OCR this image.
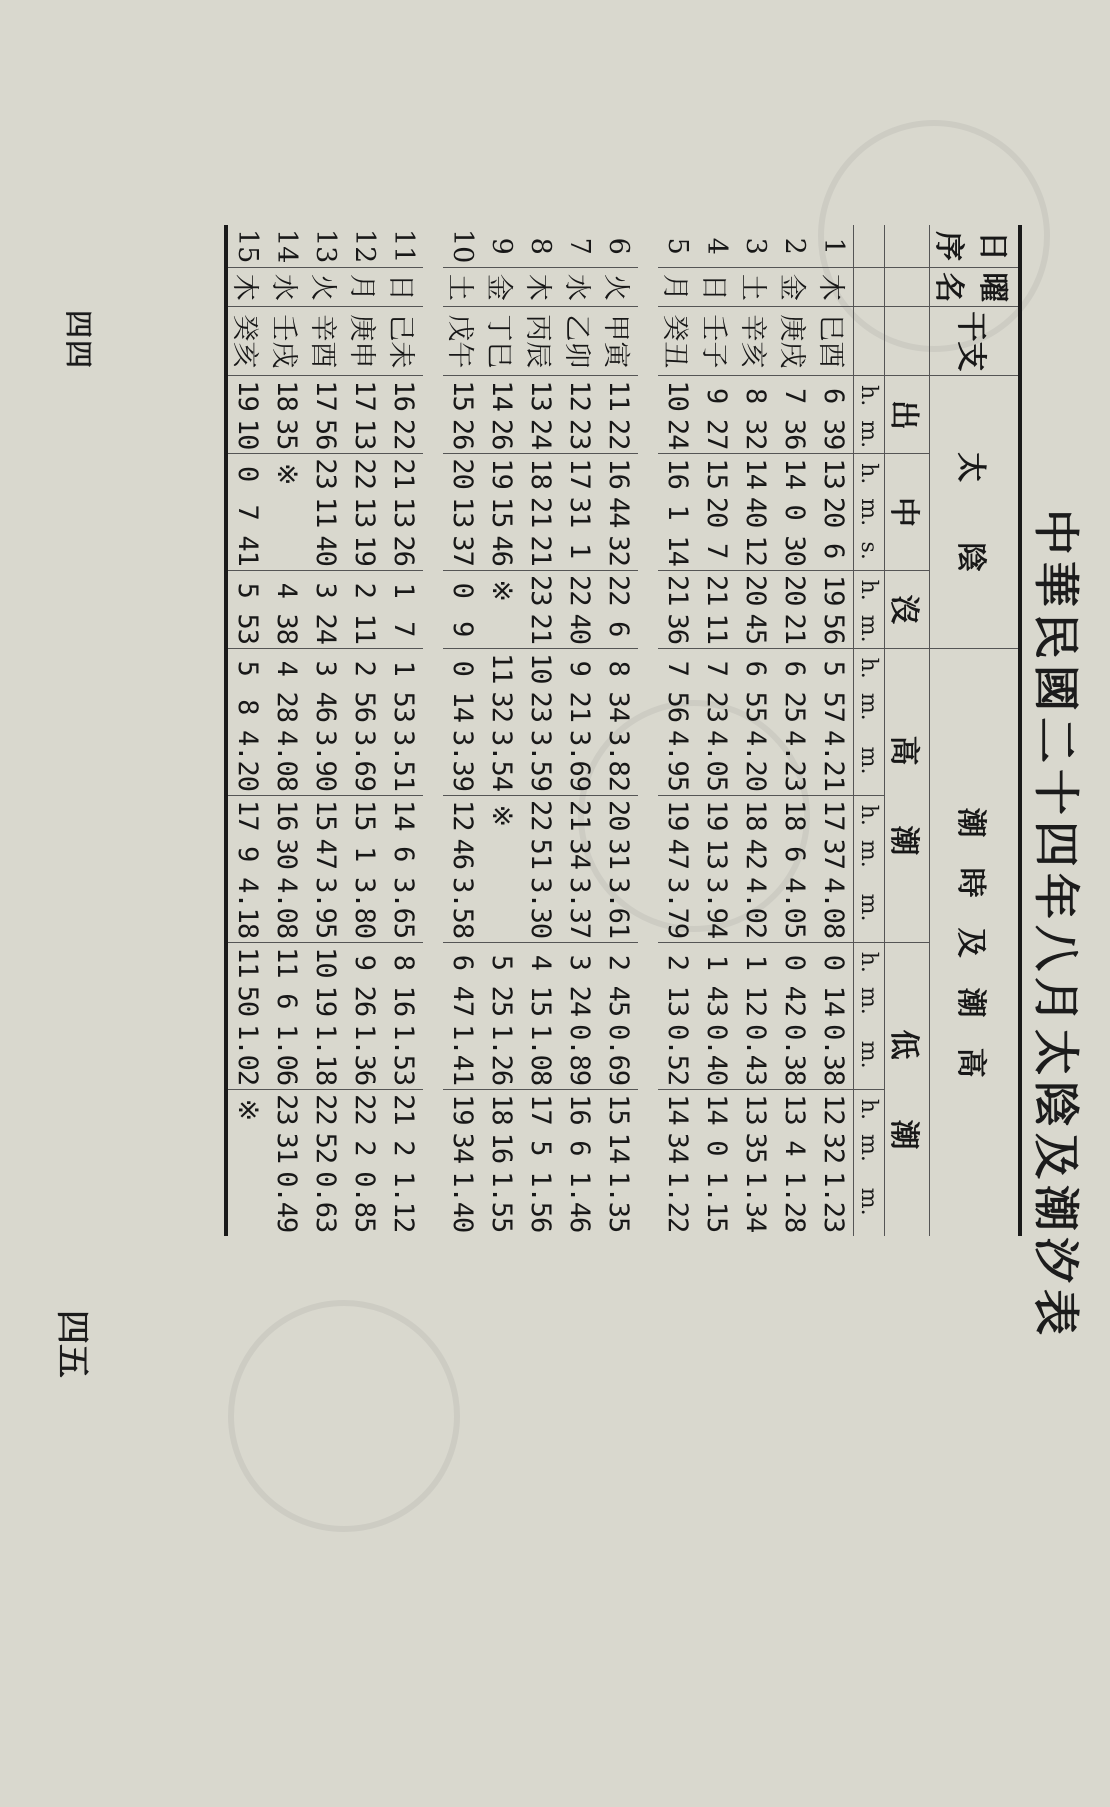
中華民國二十四年八月太陰及潮汐表
日
序	曜
名	干支	太　　陰							潮　時　及　潮　高											
			出		中			沒		高　　潮						低　　潮					
			h.	m.	h.	m.	s.	h.	m.	h.	m.	m.	h.	m.	m.	h.	m.	m.	h.	m.	m.
1	木	巳酉	6	39	13	20	6	19	56	5	57	4.21	17	37	4.08	0	14	0.38	12	32	1.23
2	金	庚戌	7	36	14	0	30	20	21	6	25	4.23	18	6	4.05	0	42	0.38	13	4	1.28
3	土	辛亥	8	32	14	40	12	20	45	6	55	4.20	18	42	4.02	1	12	0.43	13	35	1.34
4	日	壬子	9	27	15	20	7	21	11	7	23	4.05	19	13	3.94	1	43	0.40	14	0	1.15
5	月	癸丑	10	24	16	1	14	21	36	7	56	4.95	19	47	3.79	2	13	0.52	14	34	1.22

6	火	甲寅	11	22	16	44	32	22	6	8	34	3.82	20	31	3.61	2	45	0.69	15	14	1.35
7	水	乙卯	12	23	17	31	1	22	40	9	21	3.69	21	34	3.37	3	24	0.89	16	6	1.46
8	木	丙辰	13	24	18	21	21	23	21	10	23	3.59	22	51	3.30	4	15	1.08	17	5	1.56
9	金	丁巳	14	26	19	15	46	※		11	32	3.54	※			5	25	1.26	18	16	1.55
10	土	戊午	15	26	20	13	37	0	9	0	14	3.39	12	46	3.58	6	47	1.41	19	34	1.40

11	日	己未	16	22	21	13	26	1	7	1	53	3.51	14	6	3.65	8	16	1.53	21	2	1.12
12	月	庚申	17	13	22	13	19	2	11	2	56	3.69	15	1	3.80	9	26	1.36	22	2	0.85
13	火	辛酉	17	56	23	11	40	3	24	3	46	3.90	15	47	3.95	10	19	1.18	22	52	0.63
14	水	壬戌	18	35	※			4	38	4	28	4.08	16	30	4.08	11	6	1.06	23	31	0.49
15	木	癸亥	19	10	0	7	41	5	53	5	8	4.20	17	9	4.18	11	50	1.02	※		
四五
四四
